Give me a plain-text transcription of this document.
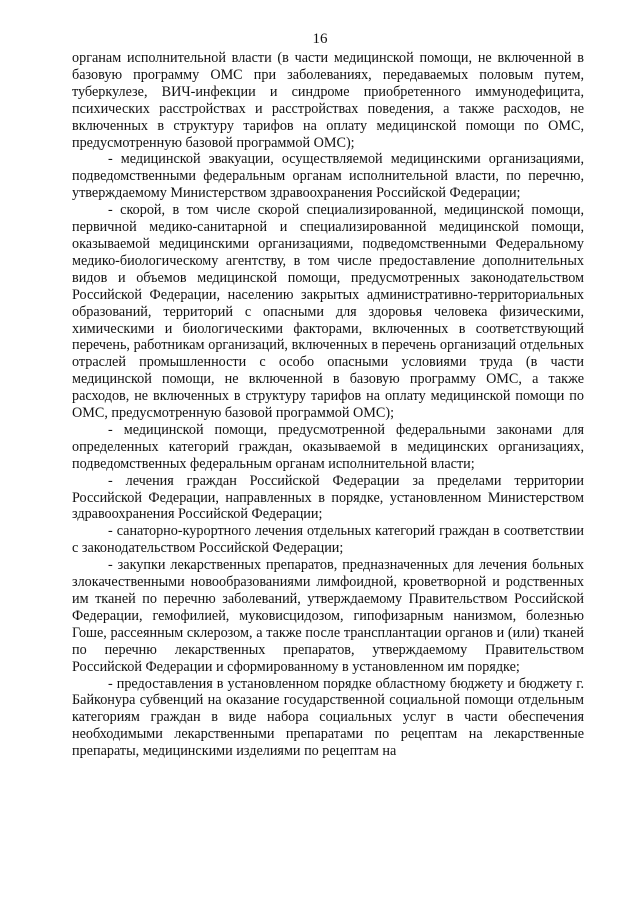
16

органам исполнительной власти (в части медицинской помощи, не включенной в базовую программу ОМС при заболеваниях, передаваемых половым путем, туберкулезе, ВИЧ-инфекции и синдроме приобретенного иммунодефицита, психических расстройствах и расстройствах поведения, а также расходов, не включенных в структуру тарифов на оплату медицинской помощи по ОМС, предусмотренную базовой программой ОМС);

- медицинской эвакуации, осуществляемой медицинскими организациями, подведомственными федеральным органам исполнительной власти, по перечню, утверждаемому Министерством здравоохранения Российской Федерации;

- скорой, в том числе скорой специализированной, медицинской помощи, первичной медико-санитарной и специализированной медицинской помощи, оказываемой медицинскими организациями, подведомственными Федеральному медико-биологическому агентству, в том числе предоставление дополнительных видов и объемов медицинской помощи, предусмотренных законодательством Российской Федерации, населению закрытых административно-территориальных образований, территорий с опасными для здоровья человека физическими, химическими и биологическими факторами, включенных в соответствующий перечень, работникам организаций, включенных в перечень организаций отдельных отраслей промышленности с особо опасными условиями труда (в части медицинской помощи, не включенной в базовую программу ОМС, а также расходов, не включенных в структуру тарифов на оплату медицинской помощи по ОМС, предусмотренную базовой программой ОМС);

- медицинской помощи, предусмотренной федеральными законами для определенных категорий граждан, оказываемой в медицинских организациях, подведомственных федеральным органам исполнительной власти;

- лечения граждан Российской Федерации за пределами территории Российской Федерации, направленных в порядке, установленном Министерством здравоохранения Российской Федерации;

- санаторно-курортного лечения отдельных категорий граждан в соответствии с законодательством Российской Федерации;

- закупки лекарственных препаратов, предназначенных для лечения больных злокачественными новообразованиями лимфоидной, кроветворной и родственных им тканей по перечню заболеваний, утверждаемому Правительством Российской Федерации, гемофилией, муковисцидозом, гипофизарным нанизмом, болезнью Гоше, рассеянным склерозом, а также после трансплантации органов и (или) тканей по перечню лекарственных препаратов, утверждаемому Правительством Российской Федерации и сформированному в установленном им порядке;

- предоставления в установленном порядке областному бюджету и бюджету г. Байконура субвенций на оказание государственной социальной помощи отдельным категориям граждан в виде набора социальных услуг в части обеспечения необходимыми лекарственными препаратами по рецептам на лекарственные препараты, медицинскими изделиями по рецептам на
